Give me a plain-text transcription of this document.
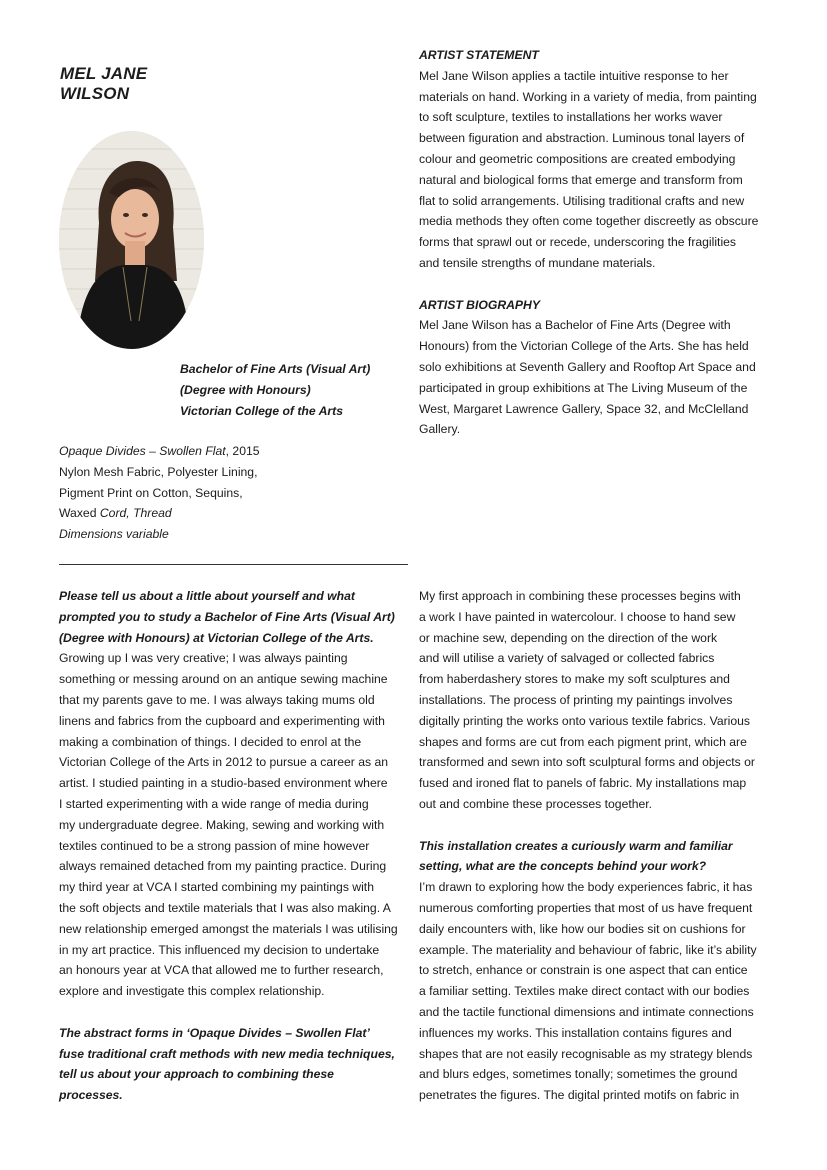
MEL JANE
WILSON
Bachelor of Fine Arts (Visual Art)
(Degree with Honours)
Victorian College of the Arts
Opaque Divides – Swollen Flat, 2015
Nylon Mesh Fabric, Polyester Lining,
Pigment Print on Cotton, Sequins,
Waxed Cord, Thread
Dimensions variable
ARTIST STATEMENT
Mel Jane Wilson applies a tactile intuitive response to her
materials on hand. Working in a variety of media, from painting
to soft sculpture, textiles to installations her works waver
between figuration and abstraction. Luminous tonal layers of
colour and geometric compositions are created embodying
natural and biological forms that emerge and transform from
flat to solid arrangements. Utilising traditional crafts and new
media methods they often come together discreetly as obscure
forms that sprawl out or recede, underscoring the fragilities
and tensile strengths of mundane materials.
ARTIST BIOGRAPHY
Mel Jane Wilson has a Bachelor of Fine Arts (Degree with
Honours) from the Victorian College of the Arts. She has held
solo exhibitions at Seventh Gallery and Rooftop Art Space and
participated in group exhibitions at The Living Museum of the
West, Margaret Lawrence Gallery, Space 32, and McClelland
Gallery.
Please tell us about a little about yourself and what
prompted you to study a Bachelor of Fine Arts (Visual Art)
(Degree with Honours) at Victorian College of the Arts.
Growing up I was very creative; I was always painting
something or messing around on an antique sewing machine
that my parents gave to me. I was always taking mums old
linens and fabrics from the cupboard and experimenting with
making a combination of things. I decided to enrol at the
Victorian College of the Arts in 2012 to pursue a career as an
artist. I studied painting in a studio-based environment where
I started experimenting with a wide range of media during
my undergraduate degree. Making, sewing and working with
textiles continued to be a strong passion of mine however
always remained detached from my painting practice. During
my third year at VCA I started combining my paintings with
the soft objects and textile materials that I was also making. A
new relationship emerged amongst the materials I was utilising
in my art practice. This influenced my decision to undertake
an honours year at VCA that allowed me to further research,
explore and investigate this complex relationship.
The abstract forms in ‘Opaque Divides – Swollen Flat’
fuse traditional craft methods with new media techniques,
tell us about your approach to combining these
processes.
My first approach in combining these processes begins with
a work I have painted in watercolour. I choose to hand sew
or machine sew, depending on the direction of the work
and will utilise a variety of salvaged or collected fabrics
from haberdashery stores to make my soft sculptures and
installations. The process of printing my paintings involves
digitally printing the works onto various textile fabrics. Various
shapes and forms are cut from each pigment print, which are
transformed and sewn into soft sculptural forms and objects or
fused and ironed flat to panels of fabric. My installations map
out and combine these processes together.
This installation creates a curiously warm and familiar
setting, what are the concepts behind your work?
I’m drawn to exploring how the body experiences fabric, it has
numerous comforting properties that most of us have frequent
daily encounters with, like how our bodies sit on cushions for
example. The materiality and behaviour of fabric, like it’s ability
to stretch, enhance or constrain is one aspect that can entice
a familiar setting. Textiles make direct contact with our bodies
and the tactile functional dimensions and intimate connections
influences my works. This installation contains figures and
shapes that are not easily recognisable as my strategy blends
and blurs edges, sometimes tonally; sometimes the ground
penetrates the figures. The digital printed motifs on fabric in
